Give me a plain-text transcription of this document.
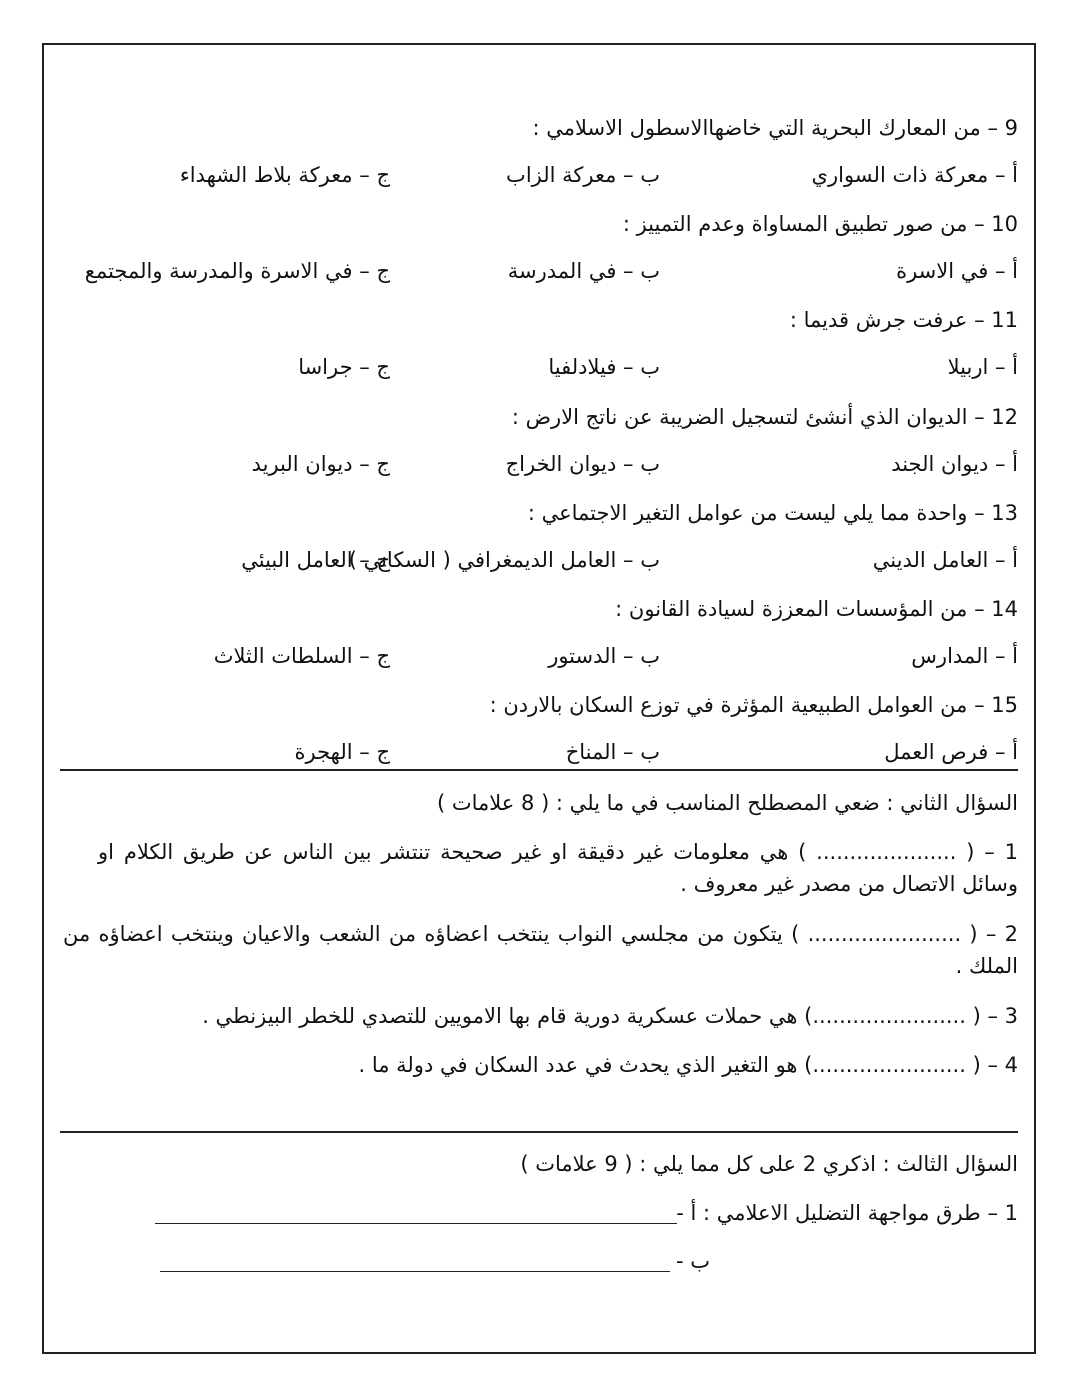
9 – من المعارك البحرية التي خاضهاالاسطول الاسلامي :
أ – معركة ذات السواري
ب – معركة الزاب
ج – معركة بلاط الشهداء
10 – من صور تطبيق المساواة وعدم التمييز :
أ – في الاسرة
ب – في المدرسة
ج – في الاسرة والمدرسة والمجتمع
11 – عرفت جرش قديما :
أ – اربيلا
ب – فيلادلفيا
ج – جراسا
12 – الديوان الذي أنشئ لتسجيل الضريبة عن ناتج الارض :
أ – ديوان الجند
ب – ديوان الخراج
ج – ديوان البريد
13 – واحدة مما يلي ليست من عوامل التغير الاجتماعي :
أ – العامل الديني
ب – العامل الديمغرافي ( السكاني )
ج – العامل البيئي
14 – من المؤسسات المعززة لسيادة القانون :
أ – المدارس
ب – الدستور
ج – السلطات الثلاث
15 – من العوامل الطبيعية المؤثرة في توزع السكان بالاردن :
أ – فرص العمل
ب – المناخ
ج – الهجرة
السؤال الثاني : ضعي المصطلح المناسب في ما يلي : ( 8 علامات )
1 – ( ..................... ) هي معلومات غير دقيقة او غير صحيحة تنتشر بين الناس عن طريق الكلام او وسائل الاتصال من مصدر غير معروف .
2 – ( ....................... ) يتكون من مجلسي النواب ينتخب اعضاؤه من الشعب والاعيان وينتخب اعضاؤه من الملك .
3 – ( .......................) هي حملات عسكرية دورية قام بها الامويين للتصدي للخطر البيزنطي .
4 – ( .......................) هو التغير الذي يحدث في عدد السكان في دولة ما .
السؤال الثالث : اذكري 2 على كل مما يلي : ( 9 علامات )
1 – طرق مواجهة التضليل الاعلامي : أ -
ب -
